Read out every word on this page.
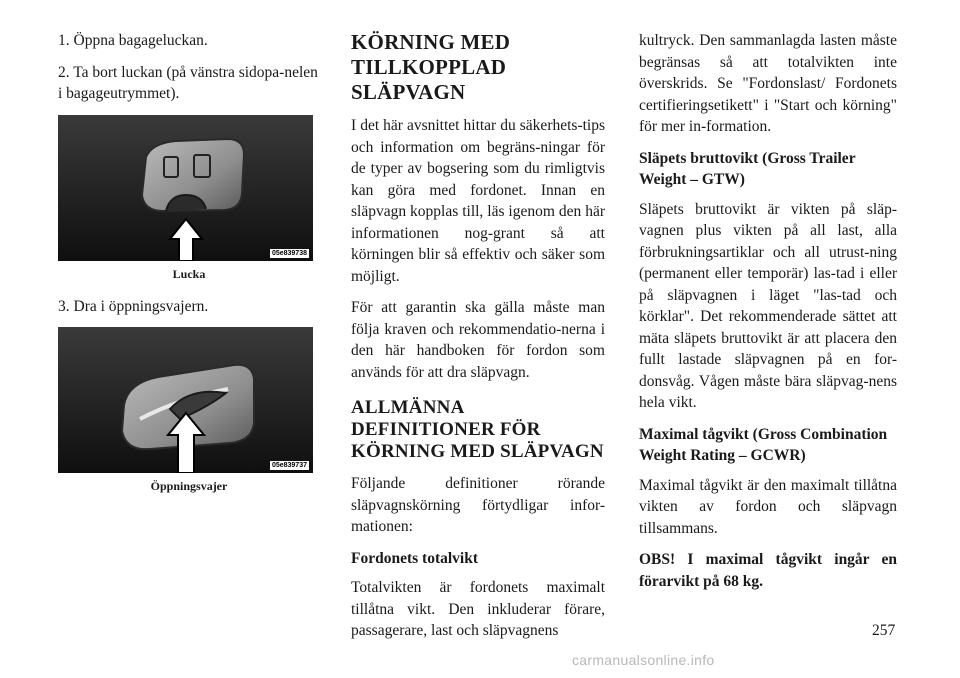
1. Öppna bagageluckan.

2. Ta bort luckan (på vänstra sidopa-nelen i bagageutrymmet).

05e839738
Lucka

3. Dra i öppningsvajern.

05e839737
Öppningsvajer
KÖRNING MED TILLKOPPLAD SLÄPVAGN

I det här avsnittet hittar du säkerhets-tips och information om begräns-ningar för de typer av bogsering som du rimligtvis kan göra med fordonet. Innan en släpvagn kopplas till, läs igenom den här informationen nog-grant så att körningen blir så effektiv och säker som möjligt.

För att garantin ska gälla måste man följa kraven och rekommendatio-nerna i den här handboken för fordon som används för att dra släpvagn.

ALLMÄNNA DEFINITIONER FÖR KÖRNING MED SLÄPVAGN

Följande definitioner rörande släpvagnskörning förtydligar infor-mationen:

Fordonets totalvikt

Totalvikten är fordonets maximalt tillåtna vikt. Den inkluderar förare, passagerare, last och släpvagnens

kultryck. Den sammanlagda lasten måste begränsas så att totalvikten inte överskrids. Se "Fordonslast/ Fordonets certifieringsetikett" i "Start och körning" för mer in-formation.

Släpets bruttovikt (Gross Trailer Weight – GTW)

Släpets bruttovikt är vikten på släp-vagnen plus vikten på all last, alla förbrukningsartiklar och all utrust-ning (permanent eller temporär) las-tad i eller på släpvagnen i läget "las-tad och körklar". Det rekommenderade sättet att mäta släpets bruttovikt är att placera den fullt lastade släpvagnen på en for-donsvåg. Vågen måste bära släpvag-nens hela vikt.

Maximal tågvikt (Gross Combination Weight Rating – GCWR)

Maximal tågvikt är den maximalt tillåtna vikten av fordon och släpvagn tillsammans.

OBS! I maximal tågvikt ingår en förarvikt på 68 kg.

257
carmanualsonline.info
